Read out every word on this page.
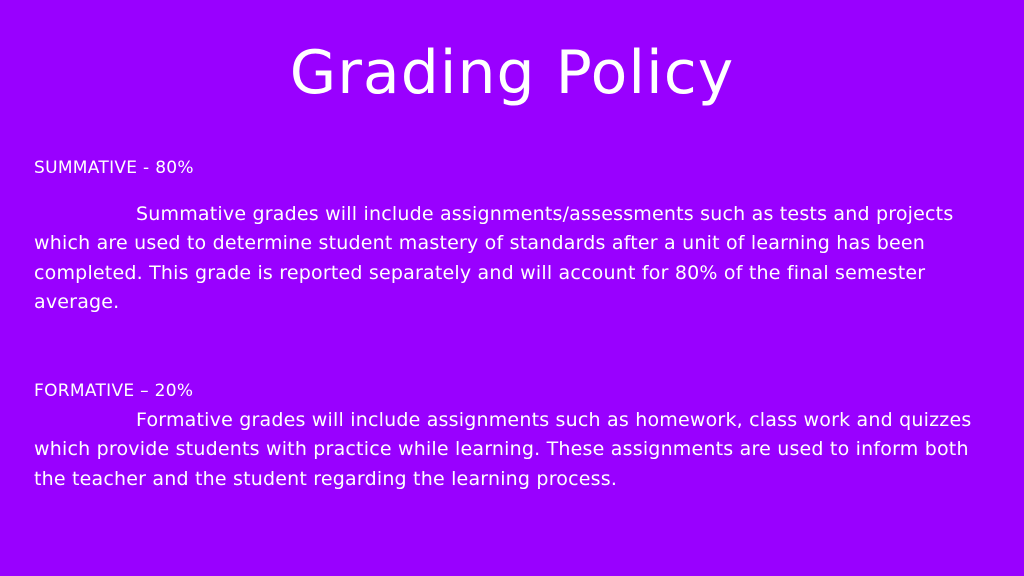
Grading Policy
SUMMATIVE - 80%

Summative grades will include assignments/assessments such as tests and projects which are used to determine student mastery of standards after a unit of learning has been completed. This grade is reported separately and will account for 80% of the final semester average.

FORMATIVE – 20%

Formative grades will include assignments such as homework, class work and quizzes which provide students with practice while learning. These assignments are used to inform both the teacher and the student regarding the learning process.
